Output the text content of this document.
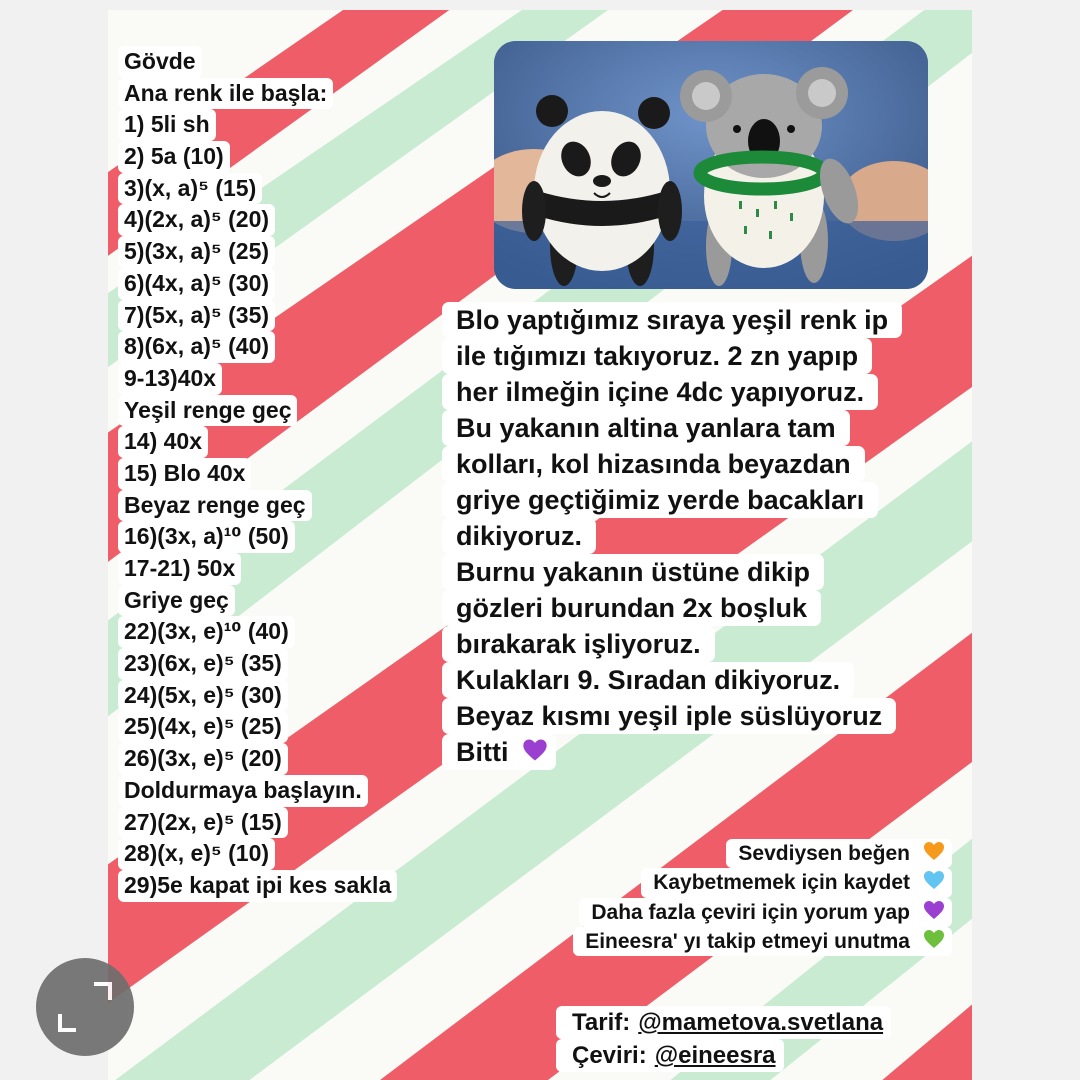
Gövde
Ana renk ile başla:
1) 5li sh
2) 5a (10)
3)(x, a)⁵ (15)
4)(2x, a)⁵ (20)
5)(3x, a)⁵ (25)
6)(4x, a)⁵ (30)
7)(5x, a)⁵ (35)
8)(6x, a)⁵ (40)
9-13)40x
Yeşil renge geç
14) 40x
15) Blo 40x
Beyaz renge geç
16)(3x, a)¹⁰ (50)
17-21) 50x
Griye geç
22)(3x, e)¹⁰ (40)
23)(6x, e)⁵ (35)
24)(5x, e)⁵ (30)
25)(4x, e)⁵ (25)
26)(3x, e)⁵ (20)
Doldurmaya başlayın.
27)(2x, e)⁵ (15)
28)(x, e)⁵ (10)
29)5e kapat ipi kes sakla
Blo yaptığımız sıraya yeşil renk ip
ile tığımızı takıyoruz. 2 zn yapıp
her ilmeğin içine 4dc yapıyoruz.
Bu yakanın altina yanlara tam
kolları, kol hizasında beyazdan
griye geçtiğimiz yerde bacakları
dikiyoruz.
Burnu yakanın üstüne dikip
gözleri burundan 2x boşluk
bırakarak işliyoruz.
Kulakları 9. Sıradan dikiyoruz.
Beyaz kısmı yeşil iple süslüyoruz
Bitti
Sevdiysen beğen
Kaybetmemek için kaydet
Daha fazla çeviri için yorum yap
Eineesra' yı takip etmeyi unutma
Tarif:@mametova.svetlana
Çeviri:@eineesra
